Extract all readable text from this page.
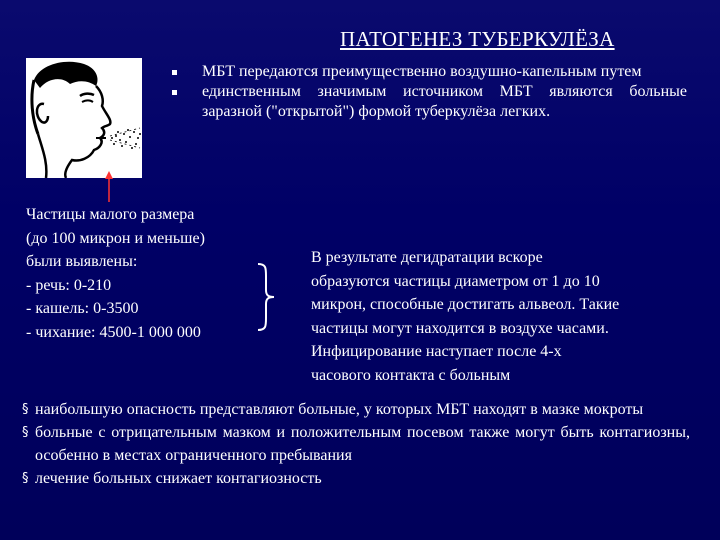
ПАТОГЕНЕЗ ТУБЕРКУЛЁЗА
МБТ передаются преимущественно воздушно-капельным путем
единственным значимым источником МБТ являются больные заразной ("открытой") формой туберкулёза легких.
Частицы малого размера
(до 100 микрон и меньше)
были выявлены:
- речь: 0-210
- кашель: 0-3500
- чихание: 4500-1 000 000
В результате дегидратации вскоре
образуются частицы диаметром от 1 до 10
микрон, способные достигать альвеол. Такие
частицы могут находится в воздухе часами.
Инфицирование наступает после 4-х
часового контакта с больным
§ наибольшую опасность представляют больные, у которых МБТ находят в мазке мокроты
§ больные с отрицательным мазком и положительным посевом также могут быть контагиозны, особенно в местах ограниченного пребывания
§ лечение больных снижает контагиозность
